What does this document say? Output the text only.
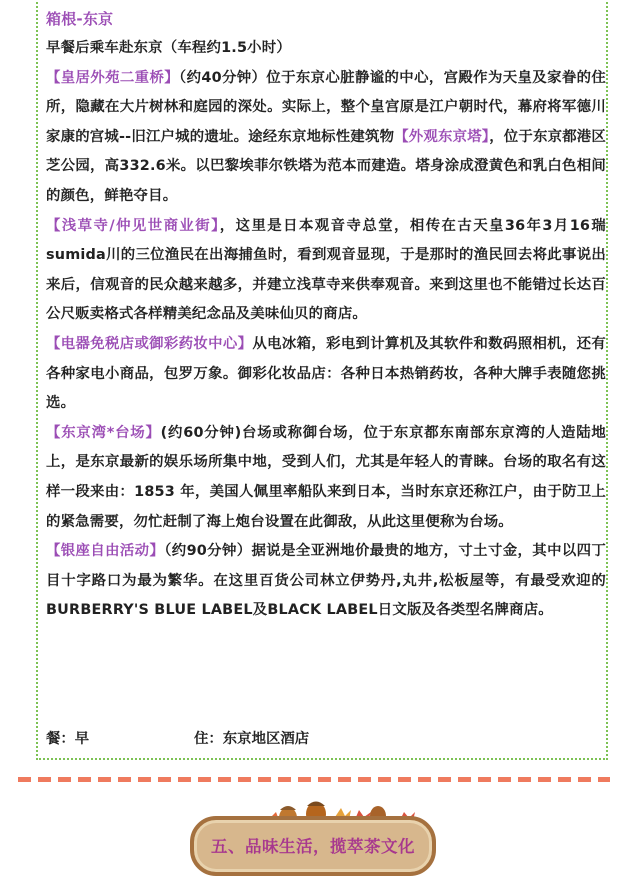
箱根-东京

早餐后乘车赴东京（车程约1.5小时）

【皇居外苑二重桥】（约40分钟）位于东京心脏静谧的中心，宫殿作为天皇及家眷的住所，隐藏在大片树林和庭园的深处。实际上，整个皇宫原是江户朝时代，幕府将军德川家康的宫城--旧江户城的遗址。途经东京地标性建筑物【外观东京塔】，位于东京都港区芝公园，高332.6米。以巴黎埃菲尔铁塔为范本而建造。塔身涂成澄黄色和乳白色相间的颜色，鲜艳夺目。

【浅草寺/仲见世商业街】，这里是日本观音寺总堂，相传在古天皇36年3月16瑞sumida川的三位渔民在出海捕鱼时，看到观音显现，于是那时的渔民回去将此事说出来后，信观音的民众越来越多，并建立浅草寺来供奉观音。来到这里也不能错过长达百公尺贩卖格式各样精美纪念品及美味仙贝的商店。

【电器免税店或御彩药妆中心】从电冰箱，彩电到计算机及其软件和数码照相机，还有各种家电小商品，包罗万象。御彩化妆品店：各种日本热销药妆，各种大牌手表随您挑选。

【东京湾*台场】(约60分钟)台场或称御台场，位于东京都东南部东京湾的人造陆地上，是东京最新的娱乐场所集中地，受到人们，尤其是年轻人的青睐。台场的取名有这样一段来由：1853 年，美国人佩里率船队来到日本，当时东京还称江户，由于防卫上的紧急需要，勿忙赶制了海上炮台设置在此御敌，从此这里便称为台场。

【银座自由活动】（约90分钟）据说是全亚洲地价最贵的地方，寸土寸金，其中以四丁目十字路口为最为繁华。在这里百货公司林立伊势丹,丸井,松板屋等，有最受欢迎的BURBERRY'S BLUE LABEL及BLACK LABEL日文版及各类型名牌商店。

餐：早	住：东京地区酒店
五、品味生活，揽萃茶文化
